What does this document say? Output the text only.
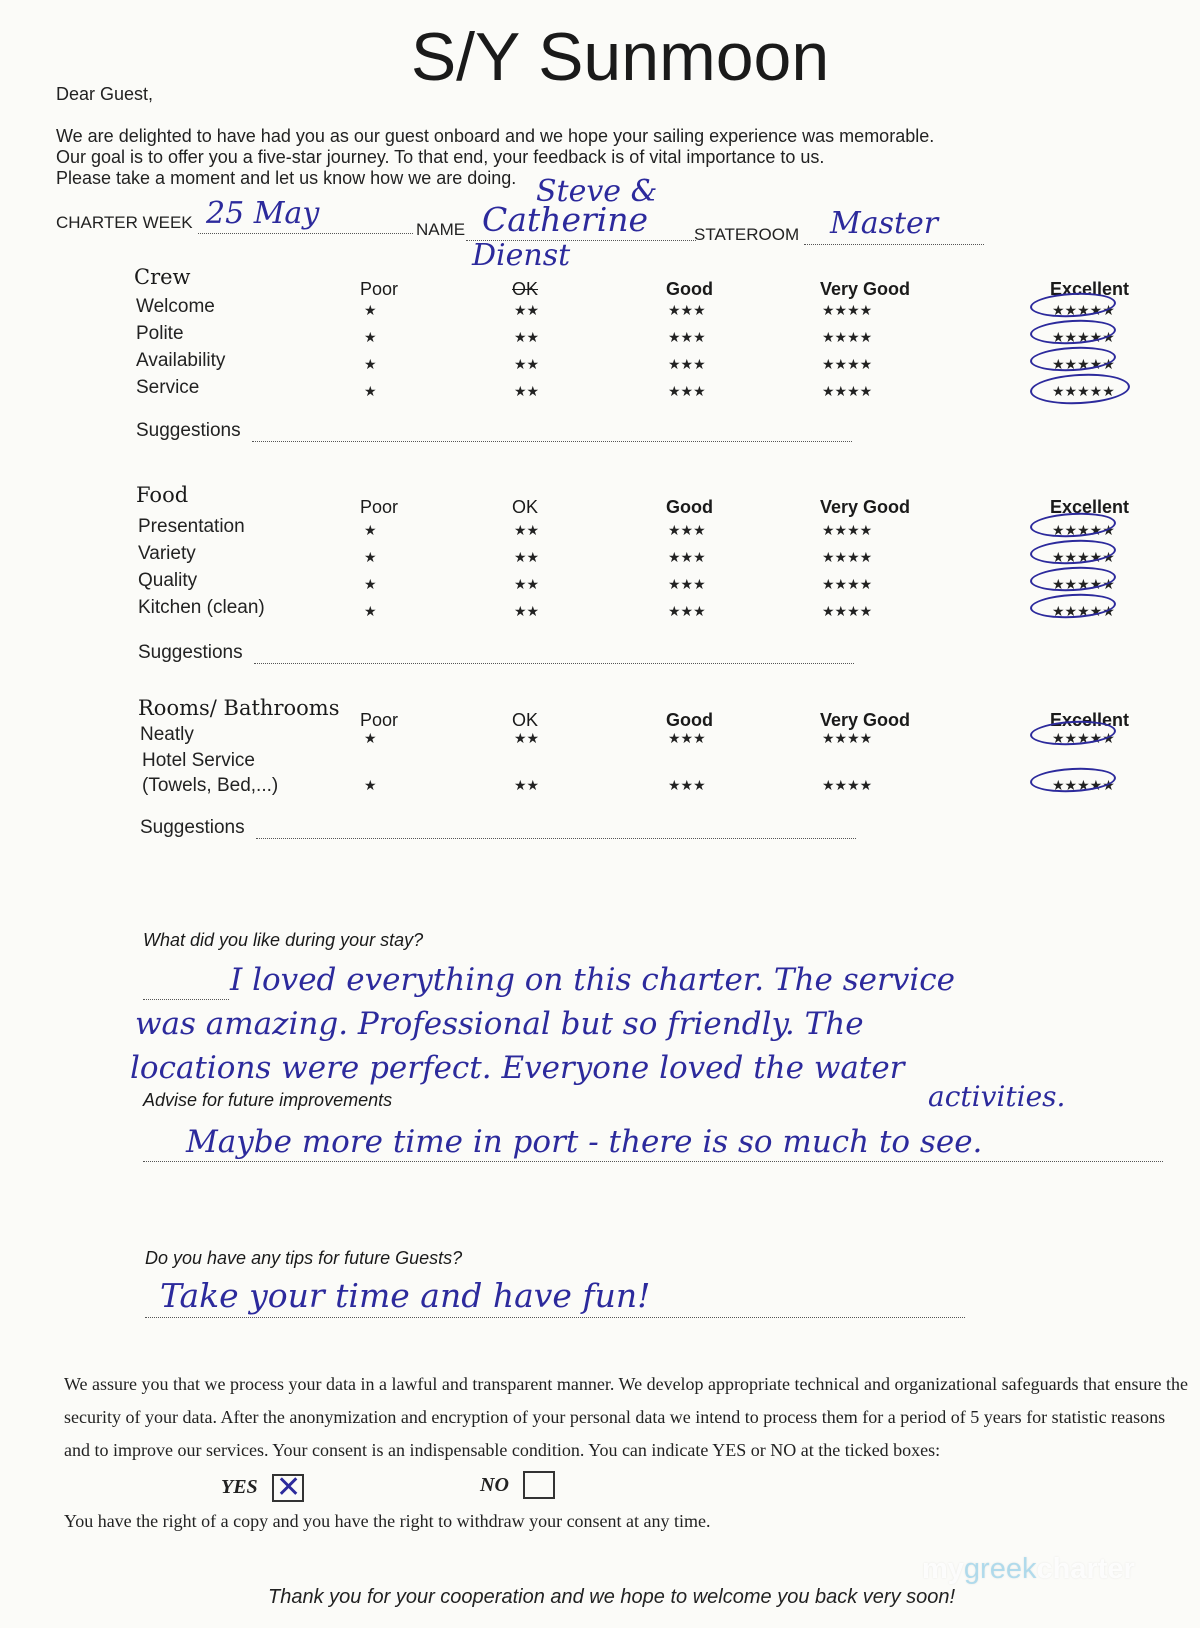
S/Y Sunmoon
Dear Guest,
We are delighted to have had you as our guest onboard and we hope your sailing experience was memorable.
Our goal is to offer you a five-star journey. To that end, your feedback is of vital importance to us.
Please take a moment and let us know how we are doing.
CHARTER WEEK 25 May	NAME
Steve &
Catherine
Dienst
STATEROOM Master
Crew	Poor	OK	Good	Very Good	Excellent
Welcome	★	★★	★★★	★★★★	★★★★★
Polite	★	★★	★★★	★★★★	★★★★★
Availability	★	★★	★★★	★★★★	★★★★★
Service	★	★★	★★★	★★★★	★★★★★
Suggestions
Food	Poor	OK	Good	Very Good	Excellent
Presentation	★	★★	★★★	★★★★	★★★★★
Variety	★	★★	★★★	★★★★	★★★★★
Quality	★	★★	★★★	★★★★	★★★★★
Kitchen (clean)	★	★★	★★★	★★★★	★★★★★
Suggestions
Rooms/ Bathrooms Poor	OK	Good	Very Good	Excellent
Neatly	★	★★	★★★	★★★★	★★★★★
Hotel Service
(Towels, Bed,...)	★	★★	★★★	★★★★	★★★★★
Suggestions
What did you like during your stay?
I loved everything on this charter. The service
was amazing. Professional but so friendly. The
locations were perfect. Everyone loved the water
activities.
Advise for future improvements
Maybe more time in port - there is so much to see.
Do you have any tips for future Guests?
Take your time and have fun!
We assure you that we process your data in a lawful and transparent manner. We develop appropriate technical and organizational safeguards that ensure the security of your data. After the anonymization and encryption of your personal data we intend to process them for a period of 5 years for statistic reasons and to improve our services. Your consent is an indispensable condition. You can indicate YES or NO at the ticked boxes:
YES ✕	NO
You have the right of a copy and you have the right to withdraw your consent at any time.
Thank you for your cooperation and we hope to welcome you back very soon!
mygreekcharter
